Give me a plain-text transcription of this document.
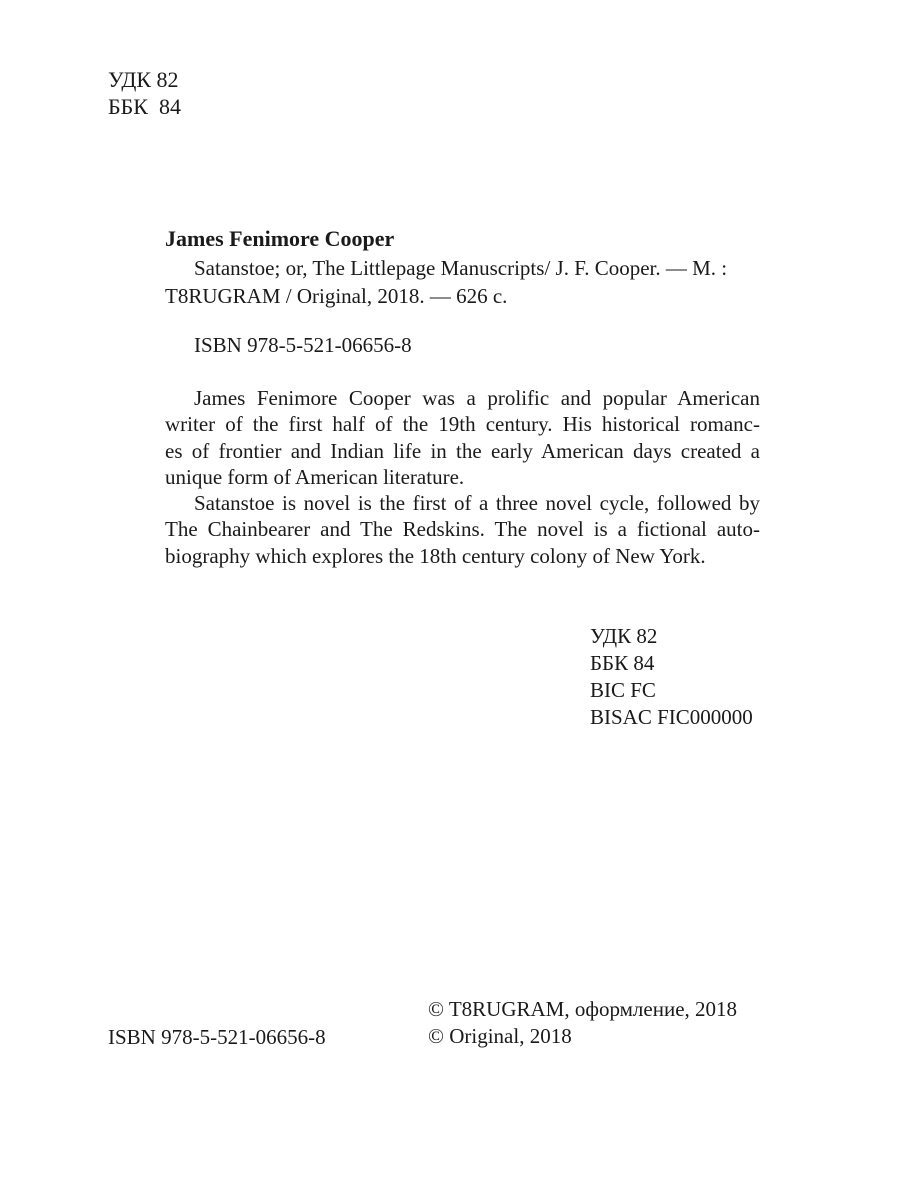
УДК 82
ББК  84
James Fenimore Cooper
Satanstoe; or, The Littlepage Manuscripts/ J. F. Cooper. — M. :
T8RUGRAM / Original, 2018. — 626 с.
ISBN 978-5-521-06656-8
James Fenimore Cooper was a prolific and popular American
writer of the first half of the 19th century. His historical romanc-
es of frontier and Indian life in the early American days created a
unique form of American literature.
Satanstoe is novel is the first of a three novel cycle, followed by
The Chainbearer and The Redskins. The novel is a fictional auto-
biography which explores the 18th century colony of New York.
УДК 82
ББК 84
BIC FC
BISAC FIC000000
© T8RUGRAM, оформление, 2018
© Original, 2018
ISBN 978-5-521-06656-8
